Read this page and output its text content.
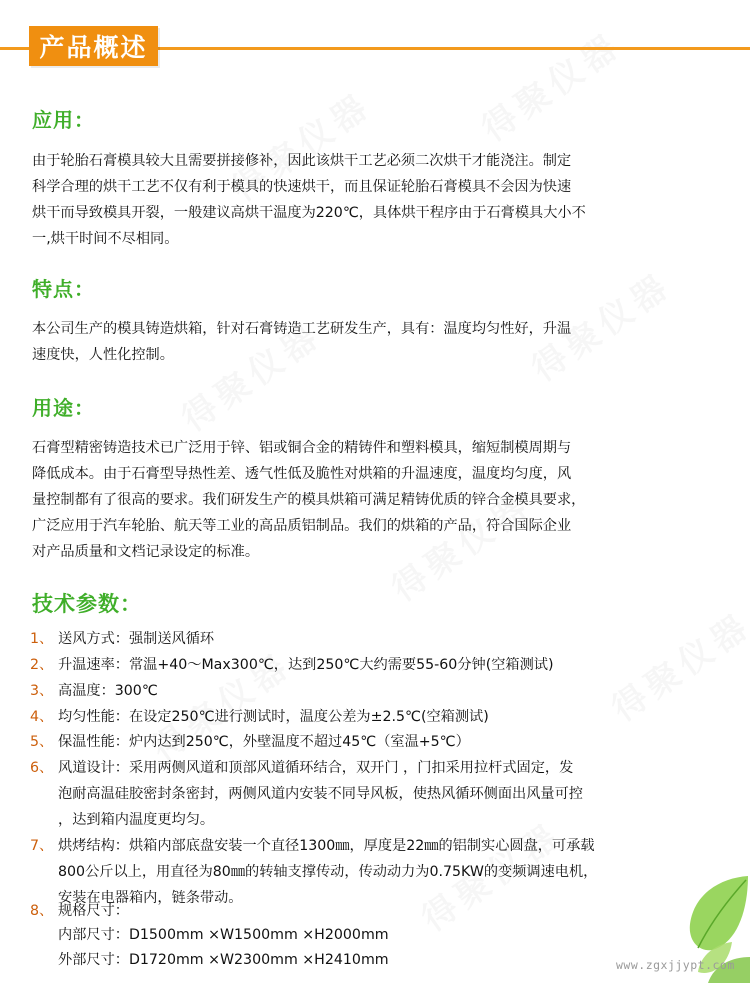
产品概述
应用：
由于轮胎石膏模具较大且需要拼接修补，因此该烘干工艺必须二次烘干才能浇注。制定
科学合理的烘干工艺不仅有利于模具的快速烘干，而且保证轮胎石膏模具不会因为快速
烘干而导致模具开裂，一般建议高烘干温度为220℃，具体烘干程序由于石膏模具大小不
一,烘干时间不尽相同。
特点：
本公司生产的模具铸造烘箱，针对石膏铸造工艺研发生产，具有：温度均匀性好，升温
速度快，人性化控制。
用途：
石膏型精密铸造技术已广泛用于锌、铝或铜合金的精铸件和塑料模具，缩短制模周期与
降低成本。由于石膏型导热性差、透气性低及脆性对烘箱的升温速度，温度均匀度，风
量控制都有了很高的要求。我们研发生产的模具烘箱可满足精铸优质的锌合金模具要求，
广泛应用于汽车轮胎、航天等工业的高品质铝制品。我们的烘箱的产品，符合国际企业
对产品质量和文档记录设定的标准。
技术参数：
1、 送风方式：强制送风循环
2、 升温速率：常温+40～Max300℃，达到250℃大约需要55-60分钟(空箱测试)
3、 高温度：300℃
4、 均匀性能：在设定250℃进行测试时，温度公差为±2.5℃(空箱测试)
5、 保温性能：炉内达到250℃，外壁温度不超过45℃（室温+5℃）
6、 风道设计：采用两侧风道和顶部风道循环结合，双开门 ，门扣采用拉杆式固定，发
泡耐高温硅胶密封条密封，两侧风道内安装不同导风板，使热风循环侧面出风量可控
，达到箱内温度更均匀。
7、 烘烤结构：烘箱内部底盘安装一个直径1300㎜，厚度是22㎜的铝制实心圆盘，可承载
800公斤以上，用直径为80㎜的转轴支撑传动，传动动力为0.75KW的变频调速电机，
安装在电器箱内，链条带动。
8、 规格尺寸：
内部尺寸：D1500mm ×W1500mm ×H2000mm
外部尺寸：D1720mm ×W2300mm ×H2410mm	www.zgxjjypt.com
